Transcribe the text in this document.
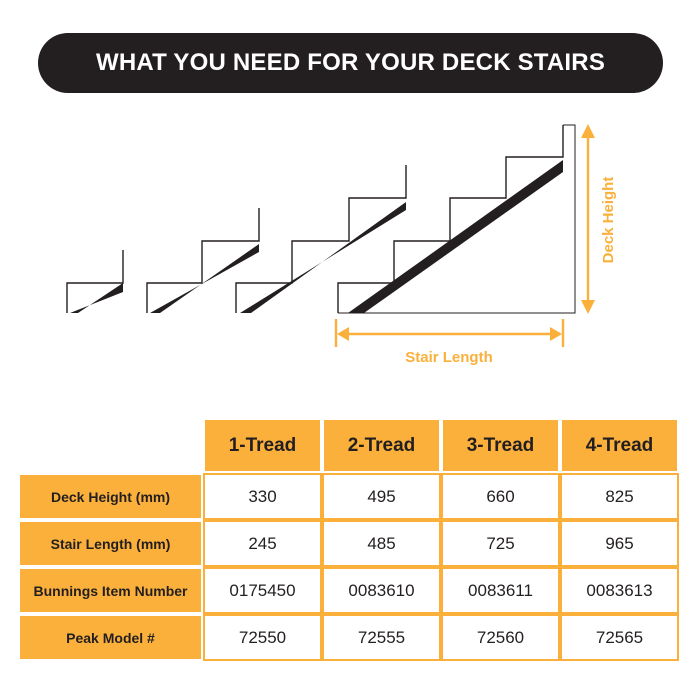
WHAT YOU NEED FOR YOUR DECK STAIRS
Deck Height
Stair Length
	1-Tread	2-Tread	3-Tread	4-Tread
Deck Height (mm)	330	495	660	825
Stair Length (mm)	245	485	725	965
Bunnings Item Number	0175450	0083610	0083611	0083613
Peak Model #	72550	72555	72560	72565
